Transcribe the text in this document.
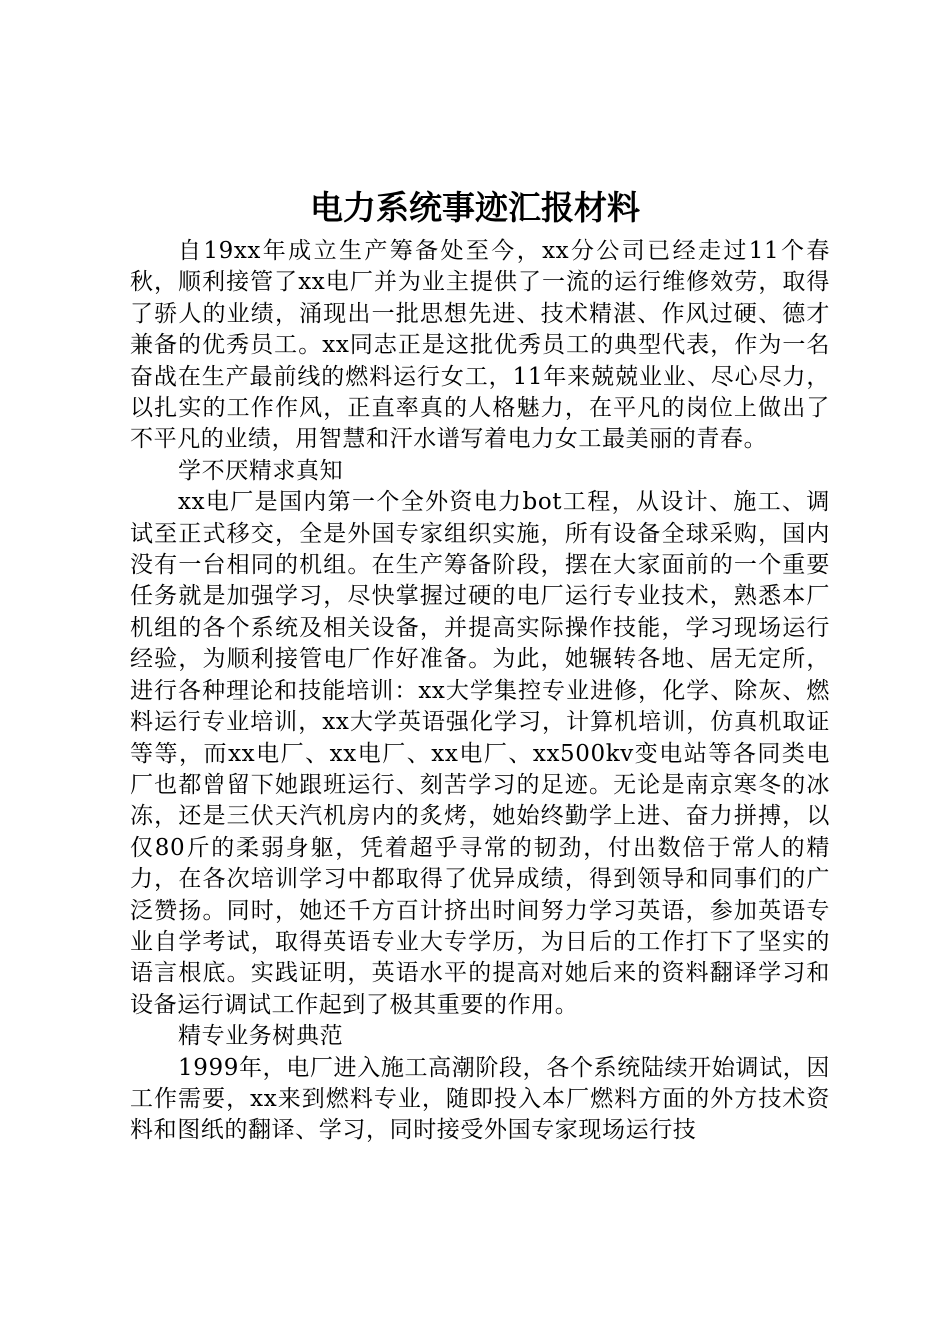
电力系统事迹汇报材料

自19xx年成立生产筹备处至今，xx分公司已经走过11个春秋，顺利接管了xx电厂并为业主提供了一流的运行维修效劳，取得了骄人的业绩，涌现出一批思想先进、技术精湛、作风过硬、德才兼备的优秀员工。xx同志正是这批优秀员工的典型代表，作为一名奋战在生产最前线的燃料运行女工，11年来兢兢业业、尽心尽力，以扎实的工作作风，正直率真的人格魅力，在平凡的岗位上做出了不平凡的业绩，用智慧和汗水谱写着电力女工最美丽的青春。

学不厌精求真知

xx电厂是国内第一个全外资电力bot工程，从设计、施工、调试至正式移交，全是外国专家组织实施，所有设备全球采购，国内没有一台相同的机组。在生产筹备阶段，摆在大家面前的一个重要任务就是加强学习，尽快掌握过硬的电厂运行专业技术，熟悉本厂机组的各个系统及相关设备，并提高实际操作技能，学习现场运行经验，为顺利接管电厂作好准备。为此，她辗转各地、居无定所，进行各种理论和技能培训：xx大学集控专业进修，化学、除灰、燃料运行专业培训，xx大学英语强化学习，计算机培训，仿真机取证等等，而xx电厂、xx电厂、xx电厂、xx500kv变电站等各同类电厂也都曾留下她跟班运行、刻苦学习的足迹。无论是南京寒冬的冰冻，还是三伏天汽机房内的炙烤，她始终勤学上进、奋力拼搏，以仅80斤的柔弱身躯，凭着超乎寻常的韧劲，付出数倍于常人的精力，在各次培训学习中都取得了优异成绩，得到领导和同事们的广泛赞扬。同时，她还千方百计挤出时间努力学习英语，参加英语专业自学考试，取得英语专业大专学历，为日后的工作打下了坚实的语言根底。实践证明，英语水平的提高对她后来的资料翻译学习和设备运行调试工作起到了极其重要的作用。

精专业务树典范

1999年，电厂进入施工高潮阶段，各个系统陆续开始调试，因工作需要，xx来到燃料专业，随即投入本厂燃料方面的外方技术资料和图纸的翻译、学习，同时接受外国专家现场运行技
